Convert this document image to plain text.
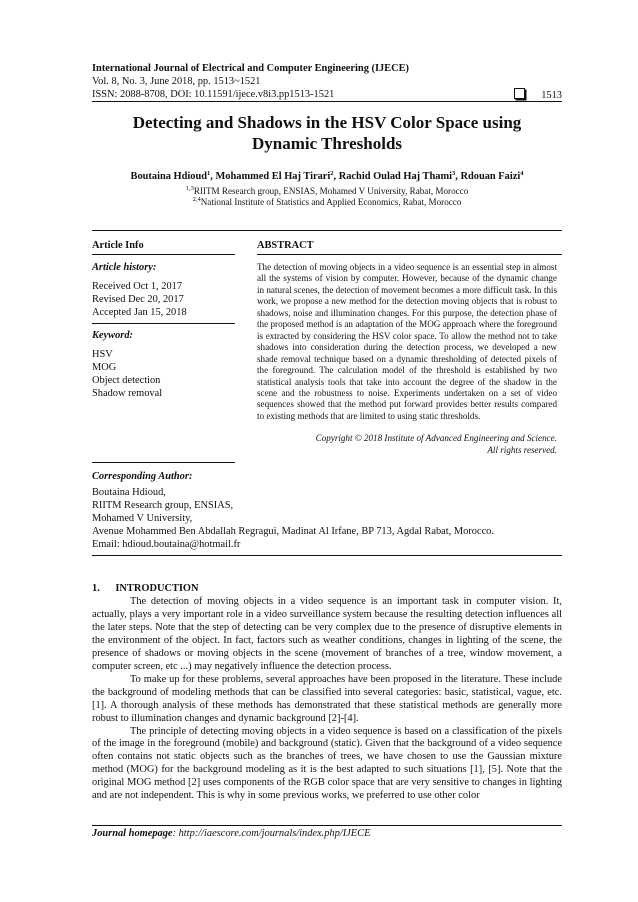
International Journal of Electrical and Computer Engineering (IJECE)
Vol. 8, No. 3, June 2018, pp. 1513~1521
ISSN: 2088-8708, DOI: 10.11591/ijece.v8i3.pp1513-1521	1513
Detecting and Shadows in the HSV Color Space using
Dynamic Thresholds
Boutaina Hdioud$^1$, Mohammed El Haj Tirari$^2$, Rachid Oulad Haj Thami$^3$, Rdouan Faizi$^4$
$^{1,3}$RIITM Research group, ENSIAS, Mohamed V University, Rabat, Morocco
$^{2,4}$National Institute of Statistics and Applied Economics, Rabat, Morocco
Article Info	ABSTRACT
Article history:
Received Oct 1, 2017
Revised Dec 20, 2017
Accepted Jan 15, 2018
Keyword:
HSV
MOG
Object detection
Shadow removal
The detection of moving objects in a video sequence is an essential step in almost all the systems of vision by computer. However, because of the dynamic change in natural scenes, the detection of movement becomes a more difficult task. In this work, we propose a new method for the detection moving objects that is robust to shadows, noise and illumination changes. For this purpose, the detection phase of the proposed method is an adaptation of the MOG approach where the foreground is extracted by considering the HSV color space. To allow the method not to take shadows into consideration during the detection process, we developed a new shade removal technique based on a dynamic thresholding of detected pixels of the foreground. The calculation model of the threshold is established by two statistical analysis tools that take into account the degree of the shadow in the scene and the robustness to noise. Experiments undertaken on a set of video sequences showed that the method put forward provides better results compared to existing methods that are limited to using static thresholds.
Copyright © 2018 Institute of Advanced Engineering and Science.
All rights reserved.
Corresponding Author:
Boutaina Hdioud,
RIITM Research group, ENSIAS,
Mohamed V University,
Avenue Mohammed Ben Abdallah Regragui, Madinat Al Irfane, BP 713, Agdal Rabat, Morocco.
Email: hdioud.boutaina@hotmail.fr
1.      INTRODUCTION

The detection of moving objects in a video sequence is an important task in computer vision. It, actually, plays a very important role in a video surveillance system because the resulting detection influences all the later steps. Note that the step of detecting can be very complex due to the presence of disruptive elements in the environment of the object. In fact, factors such as weather conditions, changes in lighting of the scene, the presence of shadows or moving objects in the scene (movement of branches of a tree, window movement, a computer screen, etc ...) may negatively influence the detection process.

To make up for these problems, several approaches have been proposed in the literature. These include the background of modeling methods that can be classified into several categories: basic, statistical, vague, etc. [1]. A thorough analysis of these methods has demonstrated that these statistical methods are generally more robust to illumination changes and dynamic background [2]-[4].

The principle of detecting moving objects in a video sequence is based on a classification of the pixels of the image in the foreground (mobile) and background (static). Given that the background of a video sequence often contains not static objects such as the branches of trees, we have chosen to use the Gaussian mixture method (MOG) for the background modeling as it is the best adapted to such situations [1], [5]. Note that the original MOG method [2] uses components of the RGB color space that are very sensitive to changes in lighting and are not independent. This is why in some previous works, we preferred to use other color

Journal homepage: http://iaescore.com/journals/index.php/IJECE
